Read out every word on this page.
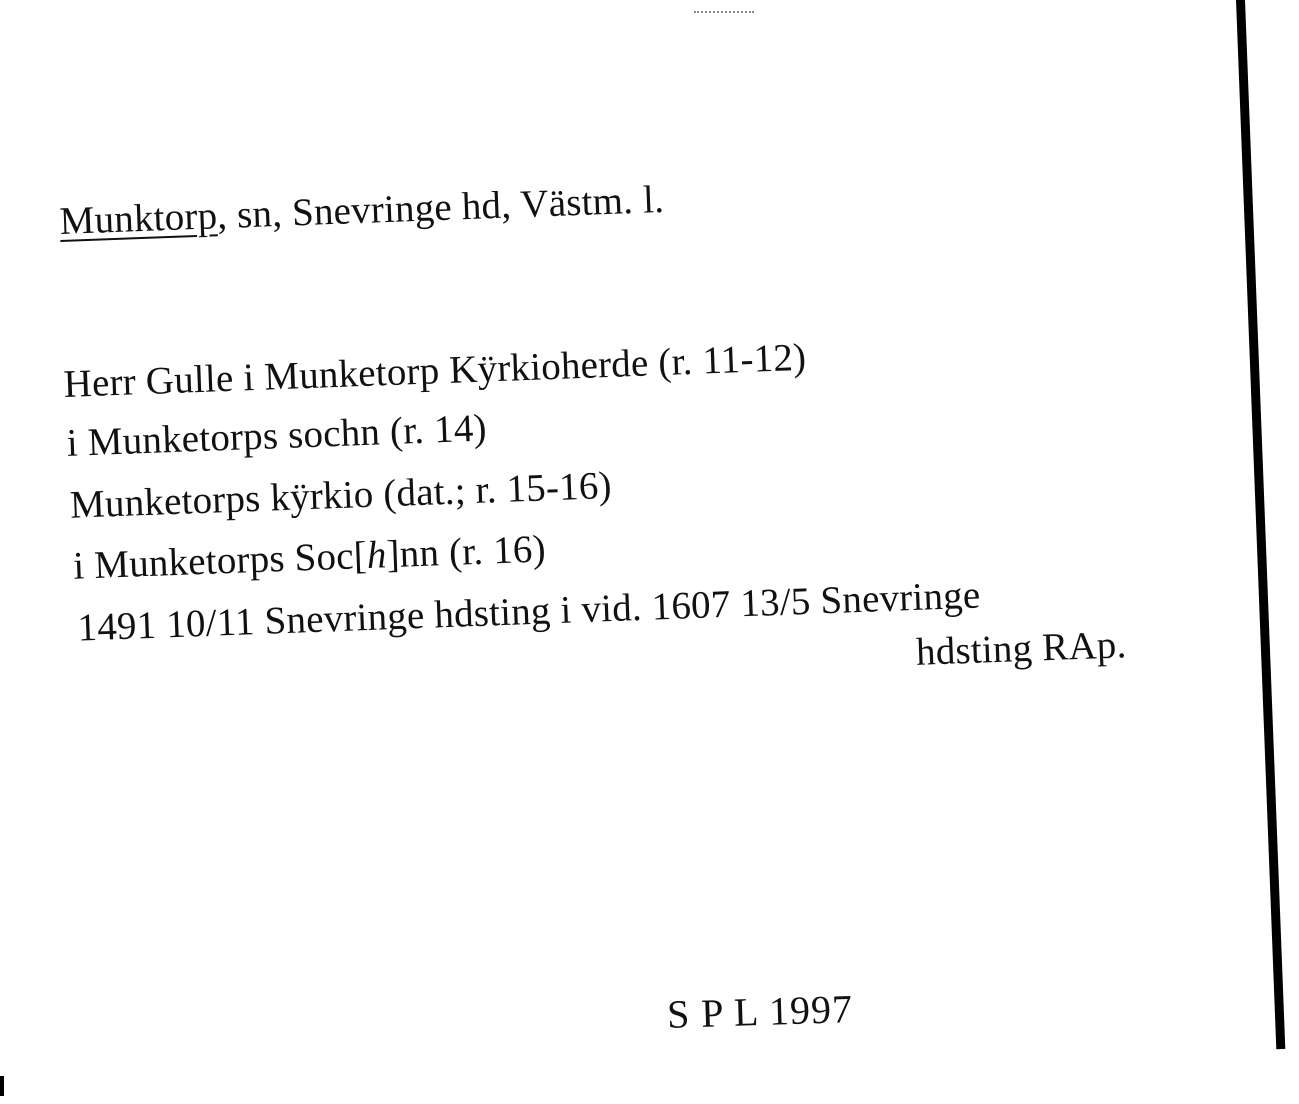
Munktorp, sn, Snevringe hd, Västm. l.
Herr Gulle i Munketorp Kÿrkioherde (r. 11-12)
i Munketorps sochn (r. 14)
Munketorps kÿrkio (dat.; r. 15-16)
i Munketorps Soc[h]nn (r. 16)
1491 10/11 Snevringe hdsting i vid. 1607 13/5 Snevringe
hdsting RAp.
S P L 1997
